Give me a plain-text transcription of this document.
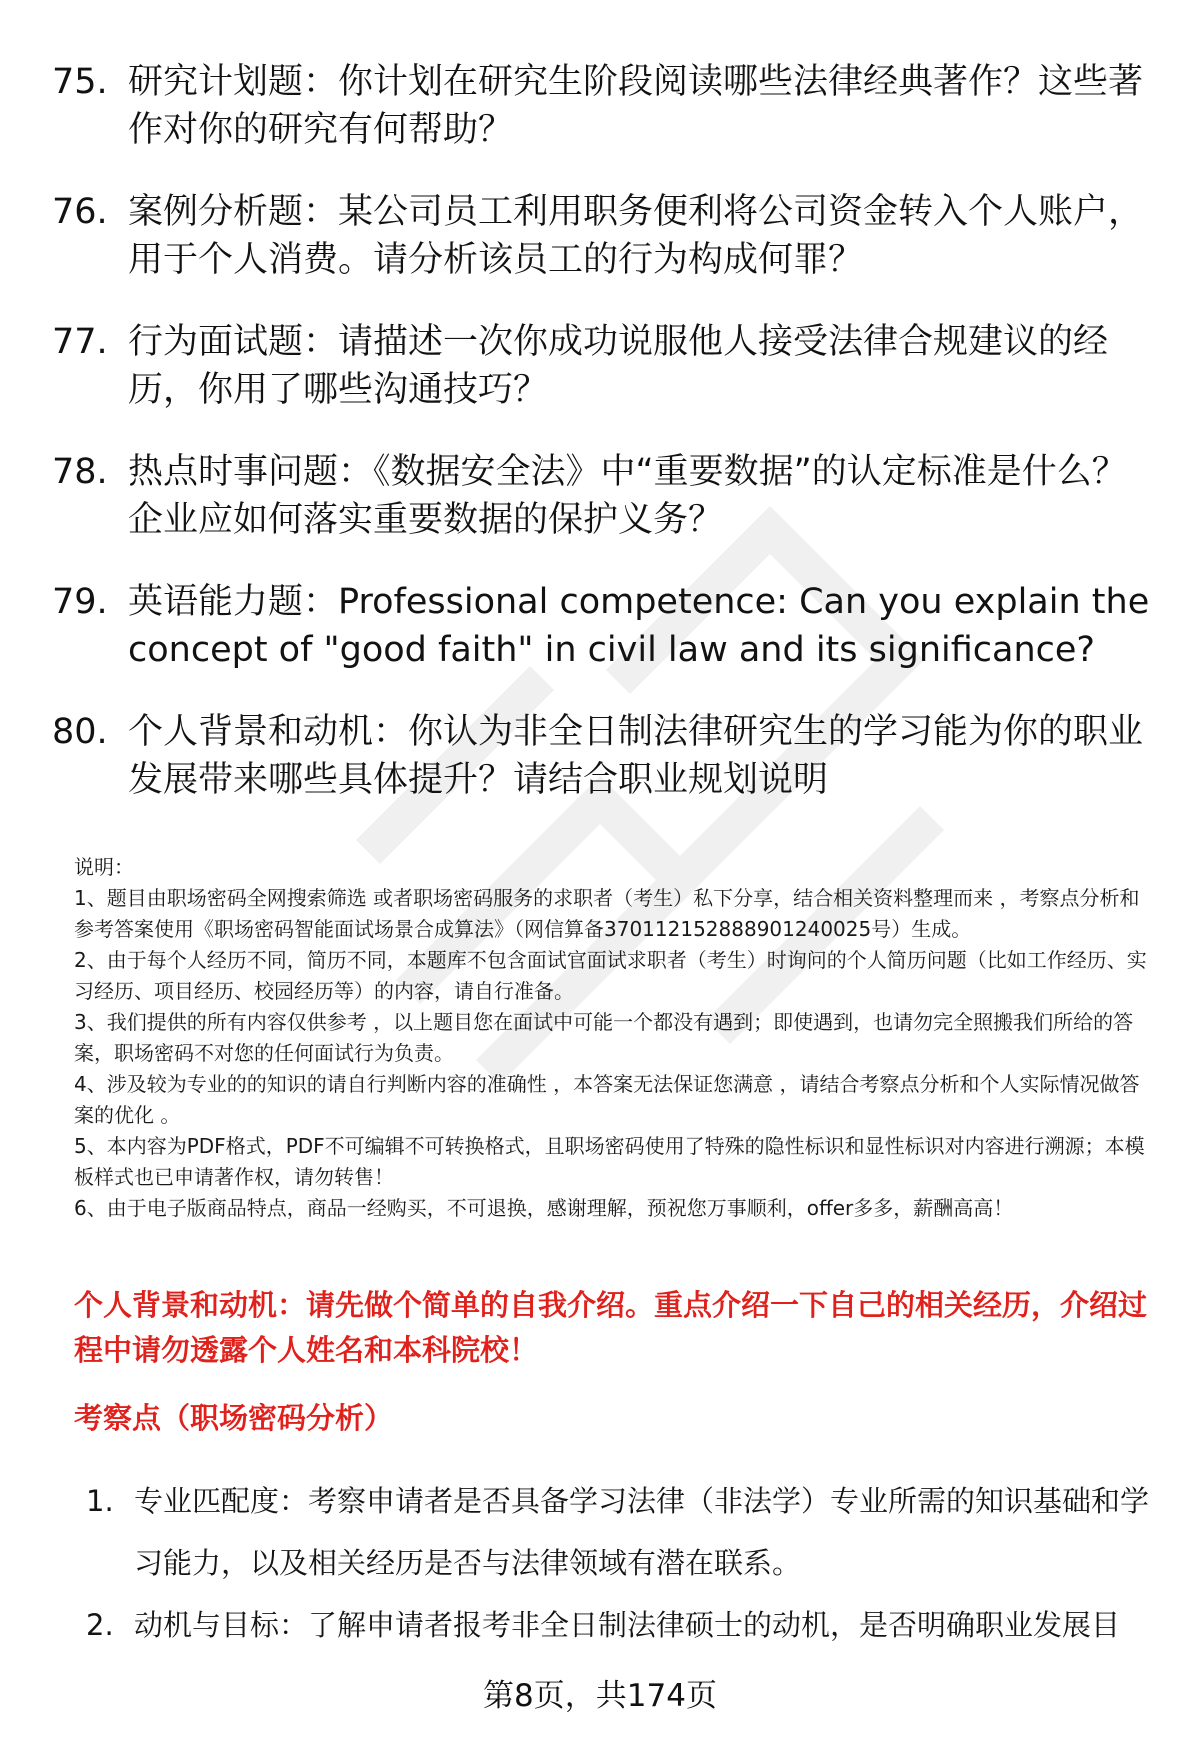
75. 研究计划题：你计划在研究生阶段阅读哪些法律经典著作？这些著作对你的研究有何帮助？
76. 案例分析题：某公司员工利用职务便利将公司资金转入个人账户，用于个人消费。请分析该员工的行为构成何罪？
77. 行为面试题：请描述一次你成功说服他人接受法律合规建议的经历，你用了哪些沟通技巧？
78. 热点时事问题：《数据安全法》中“重要数据”的认定标准是什么？企业应如何落实重要数据的保护义务？
79. 英语能力题：Professional competence: Can you explain the concept of "good faith" in civil law and its significance?
80. 个人背景和动机：你认为非全日制法律研究生的学习能为你的职业发展带来哪些具体提升？请结合职业规划说明

说明：

1、题目由职场密码全网搜索筛选 或者职场密码服务的求职者（考生）私下分享，结合相关资料整理而来 ，考察点分析和参考答案使用《职场密码智能面试场景合成算法》（网信算备370112152888901240025号）生成。

2、由于每个人经历不同，简历不同，本题库不包含面试官面试求职者（考生）时询问的个人简历问题（比如工作经历、实习经历、项目经历、校园经历等）的内容，请自行准备。

3、我们提供的所有内容仅供参考 ，以上题目您在面试中可能一个都没有遇到；即使遇到，也请勿完全照搬我们所给的答案，职场密码不对您的任何面试行为负责。

4、涉及较为专业的的知识的请自行判断内容的准确性 ，本答案无法保证您满意 ，请结合考察点分析和个人实际情况做答案的优化 。

5、本内容为PDF格式，PDF不可编辑不可转换格式，且职场密码使用了特殊的隐性标识和显性标识对内容进行溯源；本模板样式也已申请著作权，请勿转售！

6、由于电子版商品特点，商品一经购买，不可退换，感谢理解，预祝您万事顺利，offer多多，薪酬高高！

个人背景和动机：请先做个简单的自我介绍。重点介绍一下自己的相关经历，介绍过程中请勿透露个人姓名和本科院校！
考察点（职场密码分析）
1. 专业匹配度：考察申请者是否具备学习法律（非法学）专业所需的知识基础和学习能力，以及相关经历是否与法律领域有潜在联系。
2. 动机与目标：了解申请者报考非全日制法律硕士的动机，是否明确职业发展目
第8页，共174页
